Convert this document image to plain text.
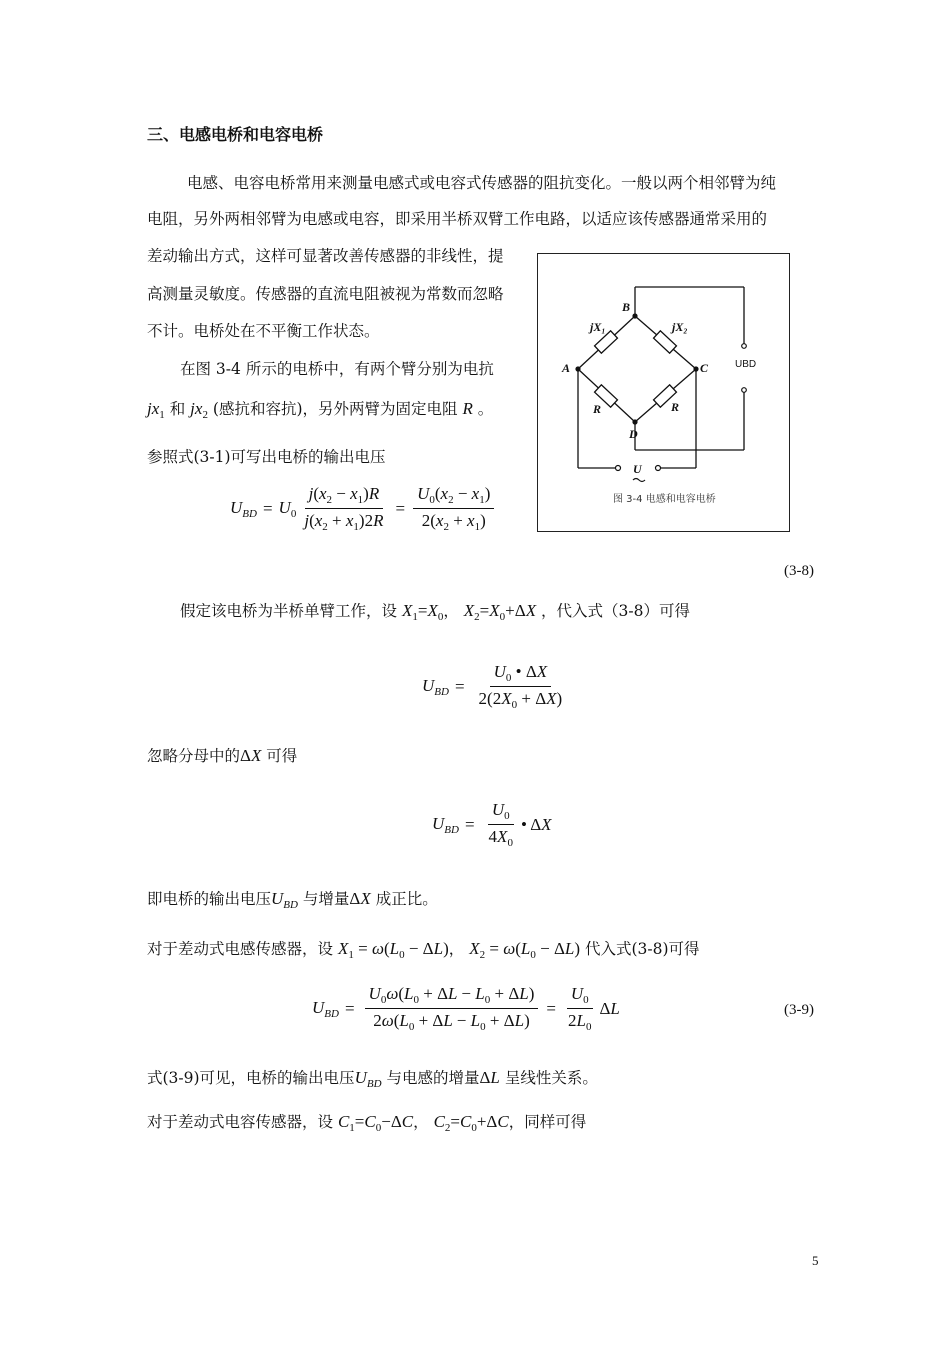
三、电感电桥和电容电桥
电感、电容电桥常用来测量电感式或电容式传感器的阻抗变化。一般以两个相邻臂为纯
电阻，另外两相邻臂为电感或电容，即采用半桥双臂工作电路，以适应该传感器通常采用的
差动输出方式，这样可显著改善传感器的非线性，提
高测量灵敏度。传感器的直流电阻被视为常数而忽略
不计。电桥处在不平衡工作状态。
在图 3-4 所示的电桥中，有两个臂分别为电抗
$jx_1$ 和 $jx_2$ (感抗和容抗)，另外两臂为固定电阻 R 。
参照式(3-1)可写出电桥的输出电压
$U_{BD} = U_0 \frac{j(x_2 - x_1)R}{j(x_2 + x_1)2R} = \frac{U_0(x_2 - x_1)}{2(x_2 + x_1)}$
B
A	C
D
jX₁	jX₂
R	R
U
UBD
图 3-4 电感和电容电桥
(3-8)
假定该电桥为半桥单臂工作，设 $X_1=X_0$， $X_2=X_0+\Delta X$ ，代入式（3-8）可得
$U_{BD} = \frac{U_0 • \Delta X}{2(2X_0 + \Delta X)}$
忽略分母中的ΔX 可得
$U_{BD} = \frac{U_0}{4X_0}$ • Δ X
即电桥的输出电压$U_{BD}$ 与增量ΔX 成正比。
对于差动式电感传感器，设 $X_1 = \omega(L_0 - \Delta L)$， $X_2 = \omega(L_0 - \Delta L)$ 代入式(3-8)可得
$U_{BD} = \frac{U_0\omega(L_0 + \Delta L - L_0 + \Delta L)}{2\omega(L_0 + \Delta L - L_0 + \Delta L)} = \frac{U_0}{2L_0}$ ΔL	(3-9)
式(3-9)可见，电桥的输出电压$U_{BD}$ 与电感的增量ΔL 呈线性关系。
对于差动式电容传感器，设 $C_1=C_0-\Delta C$， $C_2=C_0+\Delta C$，同样可得
5
